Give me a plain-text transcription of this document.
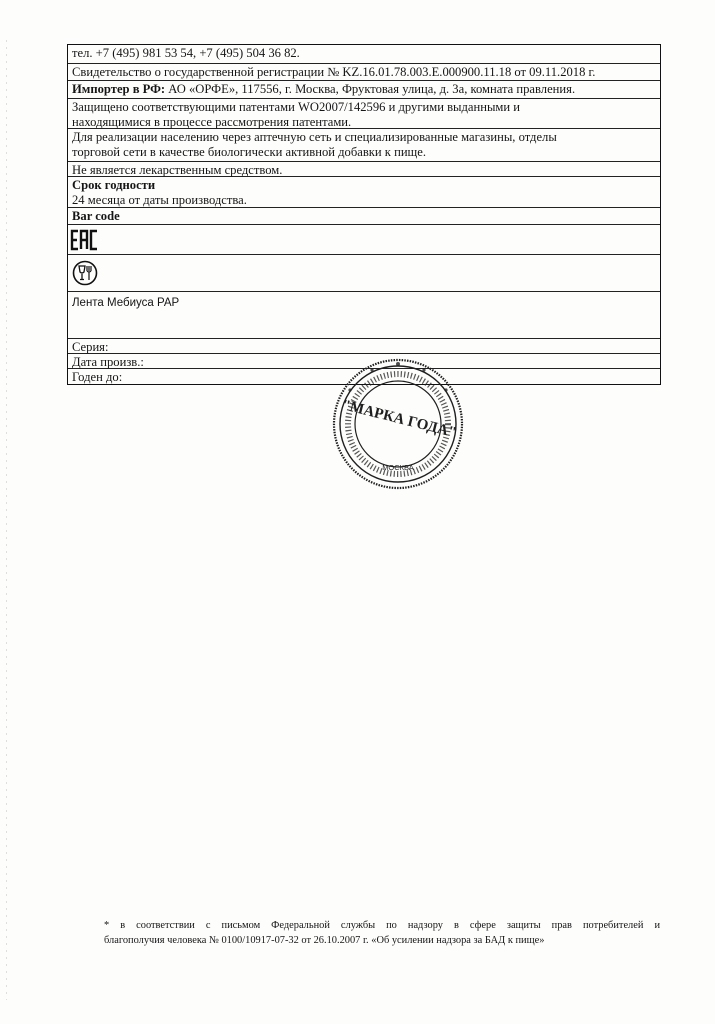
тел. +7 (495) 981 53 54, +7 (495) 504 36 82.
Свидетельство о государственной регистрации № KZ.16.01.78.003.Е.000900.11.18 от 09.11.2018 г.
Импортер в РФ: АО «ОРФЕ», 117556, г. Москва, Фруктовая улица, д. 3а, комната правления.
Защищено соответствующими патентами WO2007/142596 и другими выданными и
находящимися в процессе рассмотрения патентами.
Для реализации населению через аптечную сеть и специализированные магазины, отделы
торговой сети в качестве биологически активной добавки к пище.
Не является лекарственным средством.
Срок годности
24 месяца от даты производства.
Bar code
Лента Мебиуса РАР
Серия:
Дата произв.:
Годен до:
"МАРКА ГОДА"
МОСКВА
* в соответствии с письмом Федеральной службы по надзору в сфере защиты прав потребителей и
благополучия человека № 0100/10917-07-32 от 26.10.2007 г. «Об усилении надзора за БАД к пище»
